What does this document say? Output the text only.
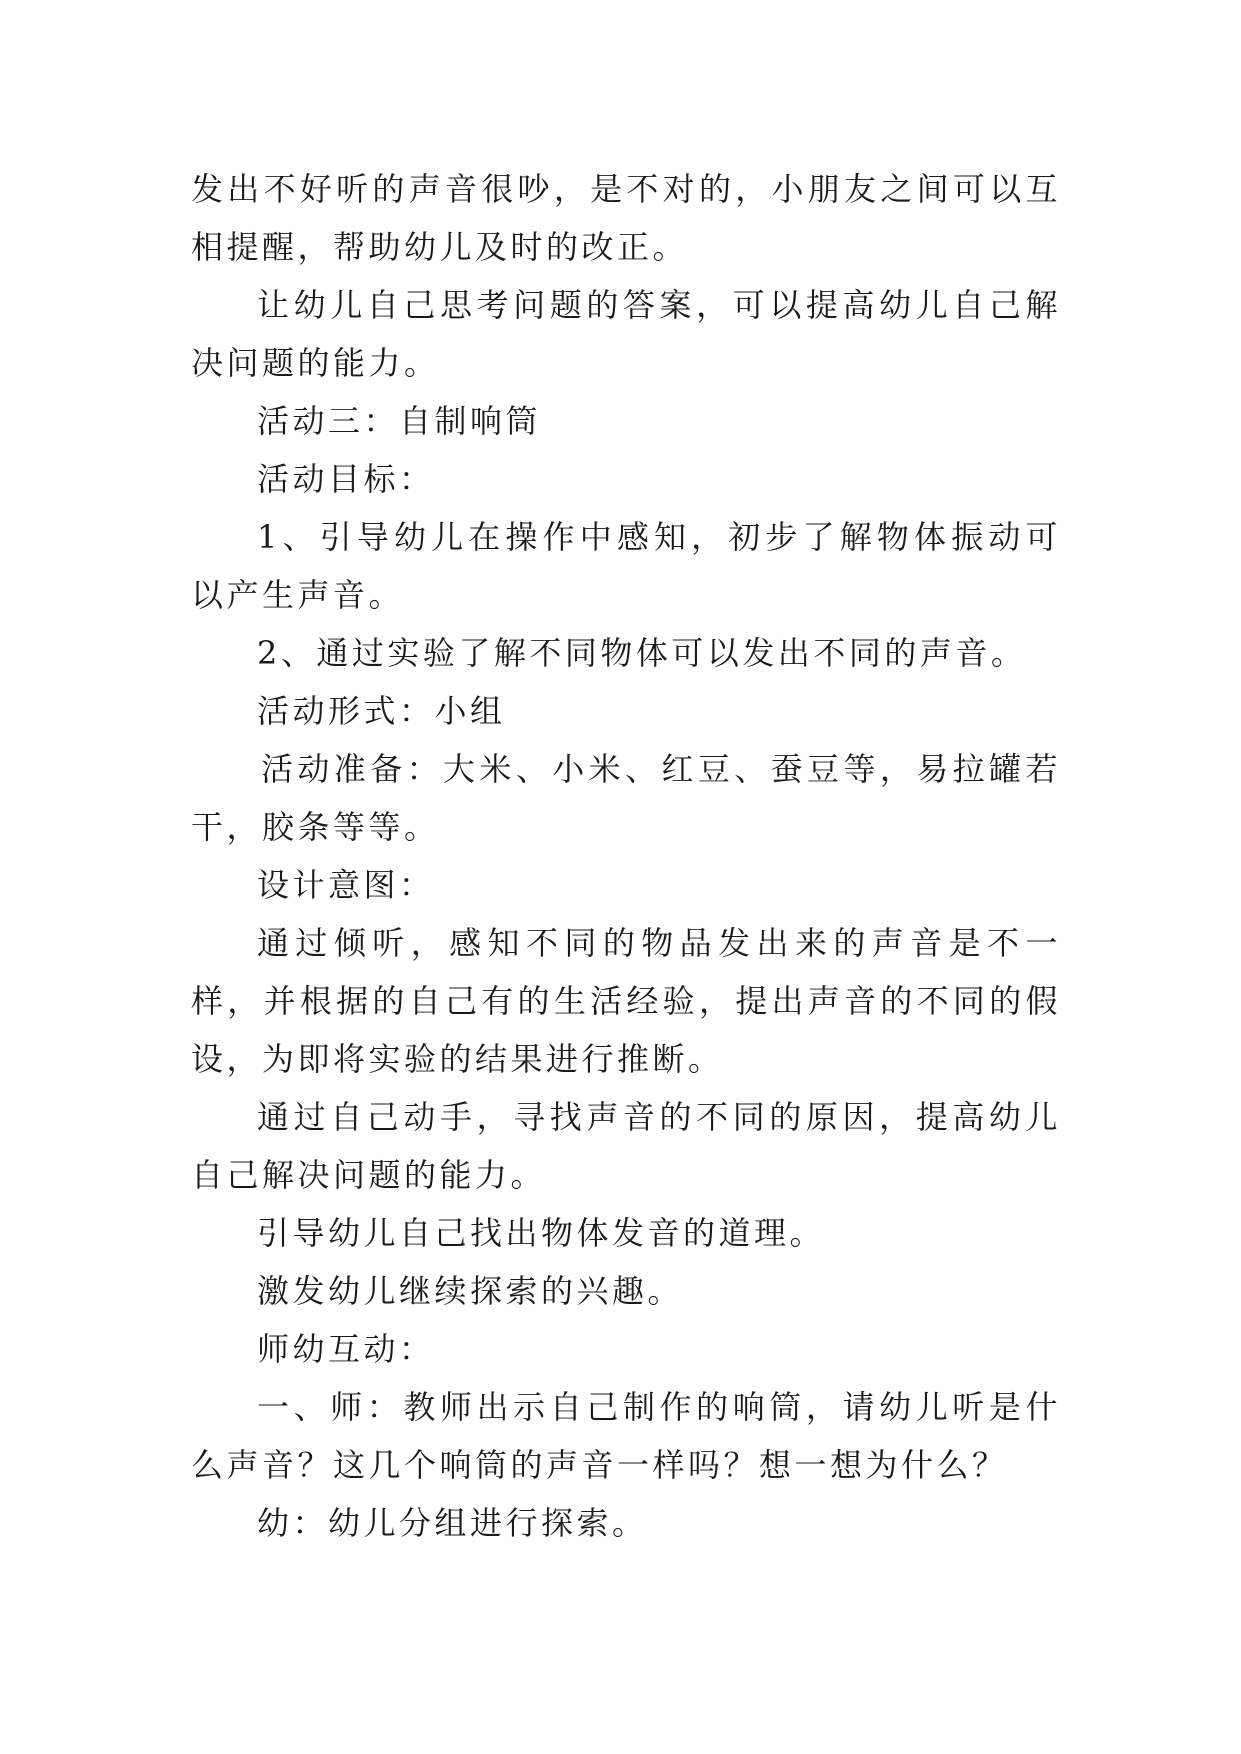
发出不好听的声音很吵，是不对的，小朋友之间可以互相提醒，帮助幼儿及时的改正。

让幼儿自己思考问题的答案，可以提高幼儿自己解决问题的能力。

活动三：自制响筒

活动目标：

1、引导幼儿在操作中感知，初步了解物体振动可以产生声音。

2、通过实验了解不同物体可以发出不同的声音。

活动形式：小组

活动准备：大米、小米、红豆、蚕豆等，易拉罐若干，胶条等等。

设计意图：

通过倾听，感知不同的物品发出来的声音是不一样，并根据的自己有的生活经验，提出声音的不同的假设，为即将实验的结果进行推断。

通过自己动手，寻找声音的不同的原因，提高幼儿自己解决问题的能力。

引导幼儿自己找出物体发音的道理。

激发幼儿继续探索的兴趣。

师幼互动：

一、师：教师出示自己制作的响筒，请幼儿听是什么声音？这几个响筒的声音一样吗？想一想为什么？

幼：幼儿分组进行探索。
